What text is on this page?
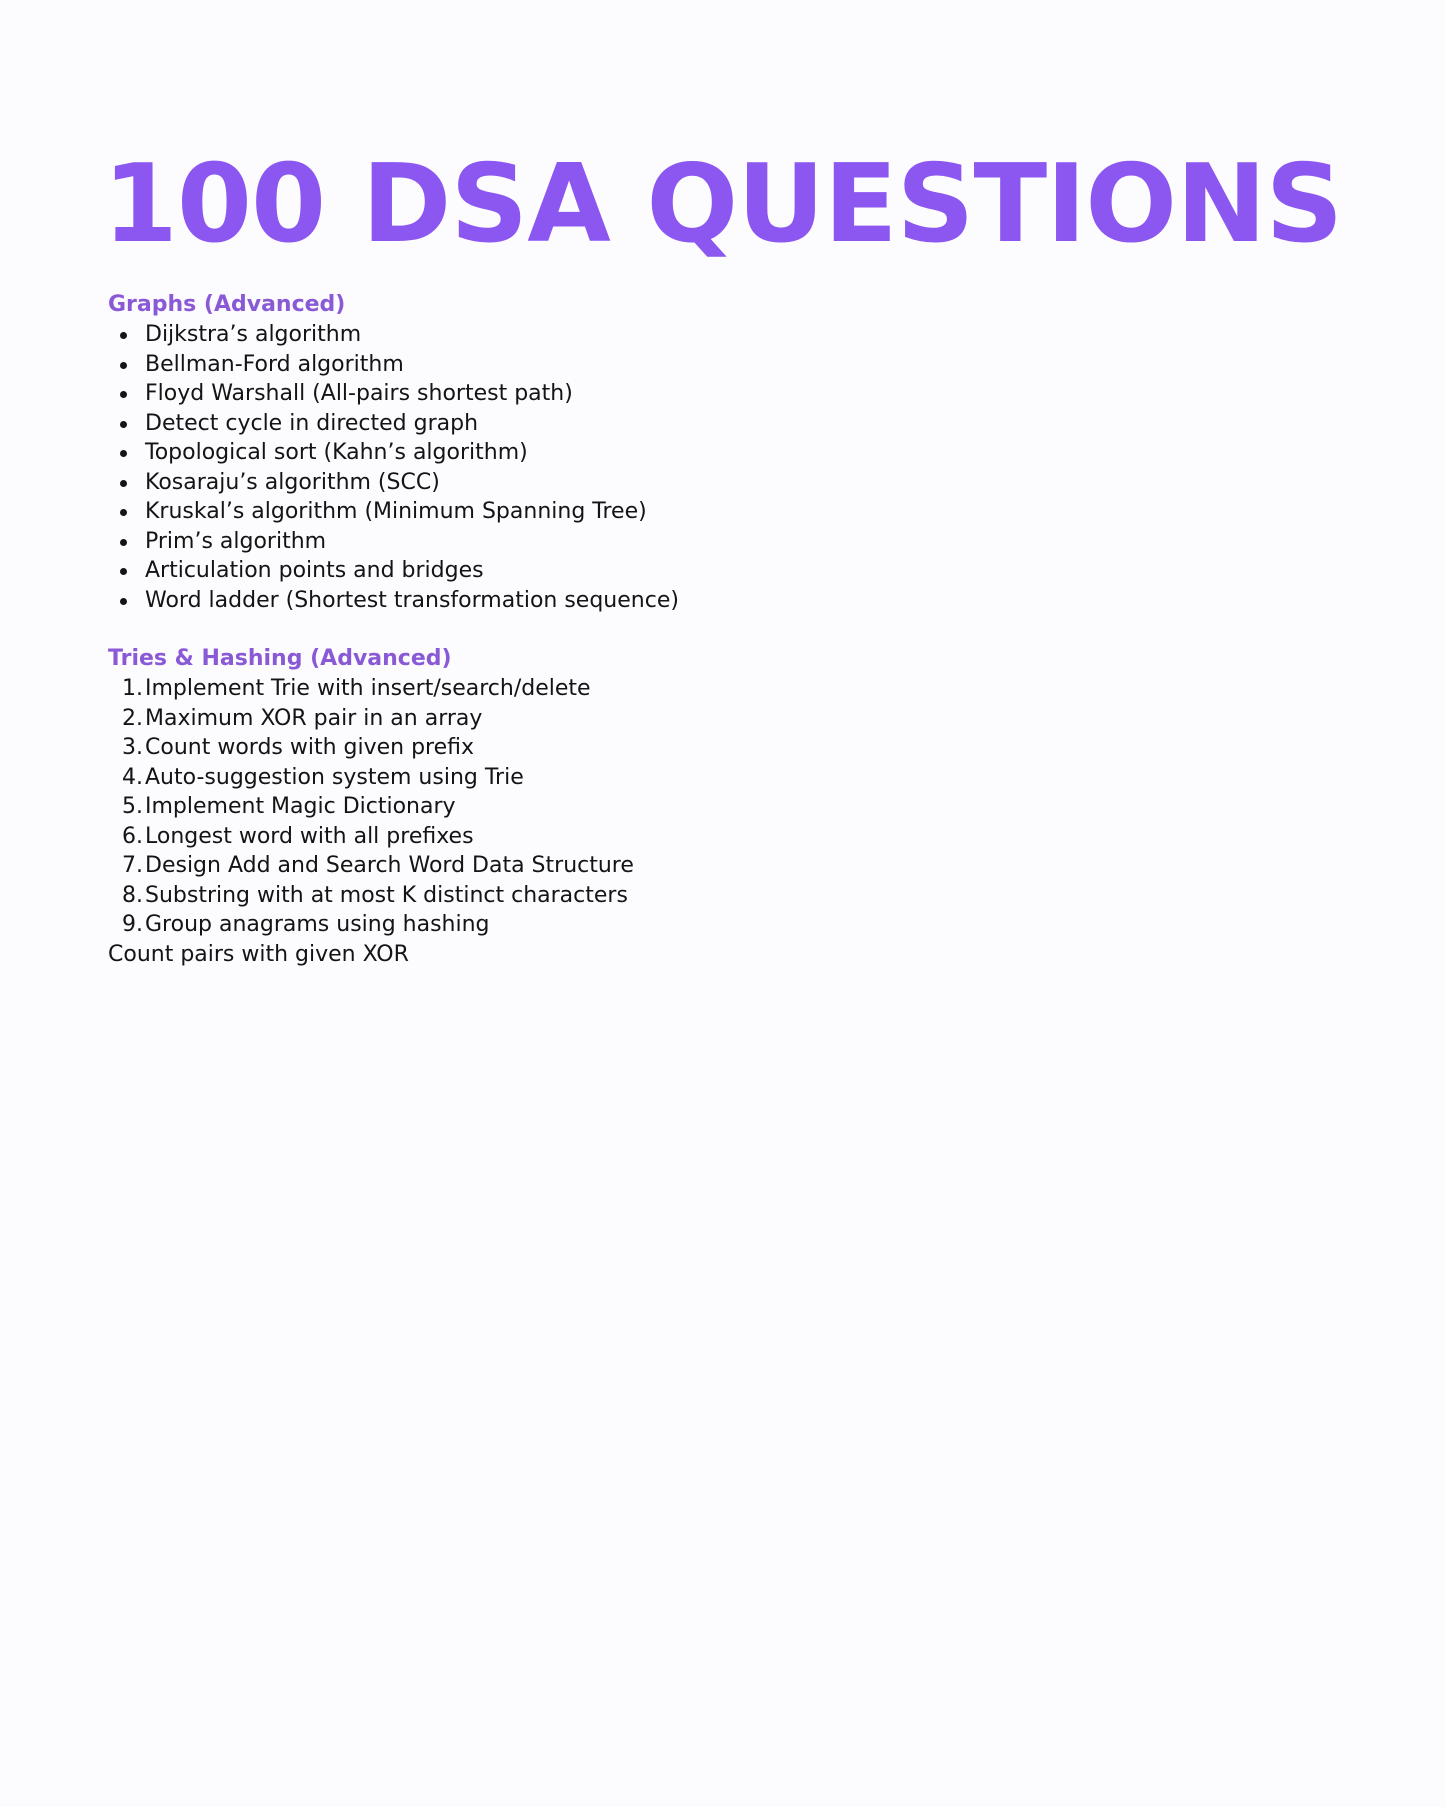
100 DSA QUESTIONS
Graphs (Advanced)
Dijkstra’s algorithm
Bellman-Ford algorithm
Floyd Warshall (All-pairs shortest path)
Detect cycle in directed graph
Topological sort (Kahn’s algorithm)
Kosaraju’s algorithm (SCC)
Kruskal’s algorithm (Minimum Spanning Tree)
Prim’s algorithm
Articulation points and bridges
Word ladder (Shortest transformation sequence)
Tries & Hashing (Advanced)
1. Implement Trie with insert/search/delete
2. Maximum XOR pair in an array
3. Count words with given prefix
4. Auto-suggestion system using Trie
5. Implement Magic Dictionary
6. Longest word with all prefixes
7. Design Add and Search Word Data Structure
8. Substring with at most K distinct characters
9. Group anagrams using hashing

Count pairs with given XOR
